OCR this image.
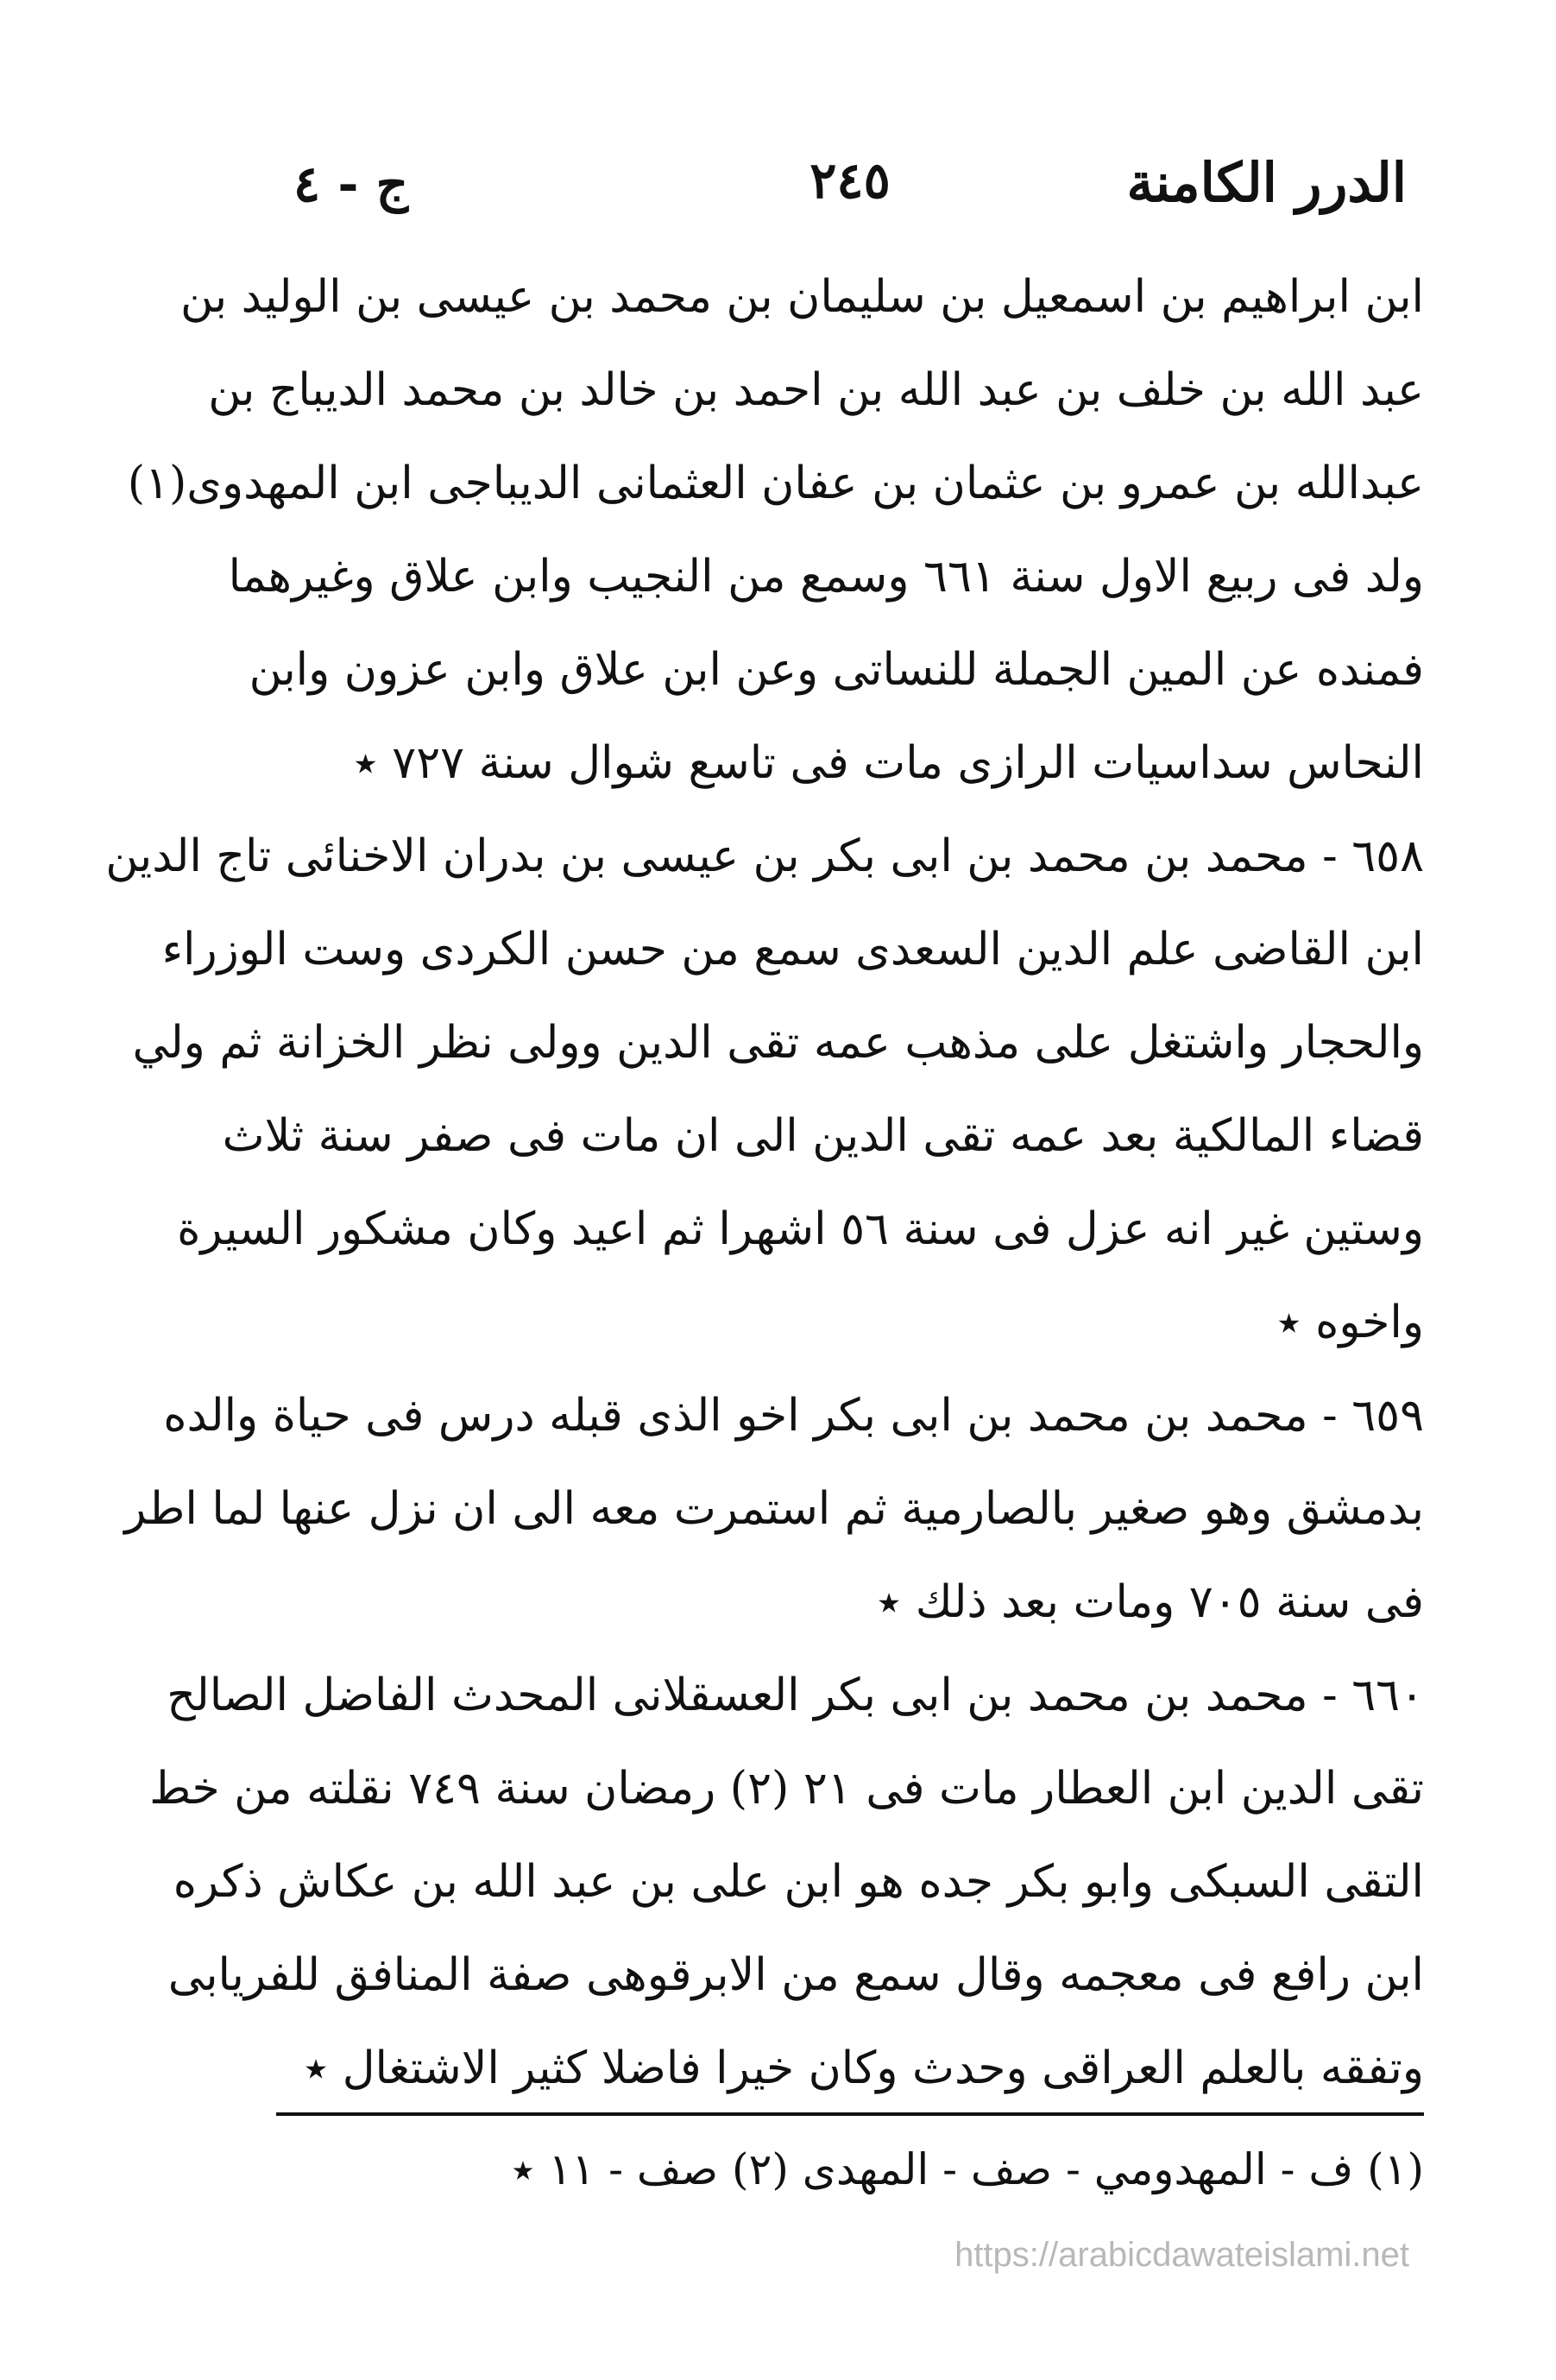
الدرر الكامنة
٢٤٥
ج - ٤
ابن ابراهيم بن اسمعيل بن سليمان بن محمد بن عيسى بن الوليد بن
عبد الله بن خلف بن عبد الله بن احمد بن خالد بن محمد الديباج بن
عبدالله بن عمرو بن عثمان بن عفان العثمانى الديباجى ابن المهدوى(١)
ولد فى ربيع الاول سنة ٦٦١ وسمع من النجيب وابن علاق وغيرهما
فمنده عن المين الجملة للنساتى وعن ابن علاق وابن عزون وابن
النحاس سداسيات الرازى مات فى تاسع شوال سنة ٧٢٧ ٭
٦٥٨ - محمد بن محمد بن ابى بكر بن عيسى بن بدران الاخنائى تاج الدين
ابن القاضى علم الدين السعدى سمع من حسن الكردى وست الوزراء
والحجار واشتغل على مذهب عمه تقى الدين وولى نظر الخزانة ثم ولي
قضاء المالكية بعد عمه تقى الدين الى ان مات فى صفر سنة ثلاث
وستين غير انه عزل فى سنة ٥٦ اشهرا ثم اعيد وكان مشكور السيرة
واخوه ٭
٦٥٩ - محمد بن محمد بن ابى بكر اخو الذى قبله درس فى حياة والده
بدمشق وهو صغير بالصارمية ثم استمرت معه الى ان نزل عنها لما اطر
فى سنة ٧٠٥ ومات بعد ذلك ٭
٦٦٠ - محمد بن محمد بن ابى بكر العسقلانى المحدث الفاضل الصالح
تقى الدين ابن العطار مات فى ٢١ (٢) رمضان سنة ٧٤٩ نقلته من خط
التقى السبكى وابو بكر جده هو ابن على بن عبد الله بن عكاش ذكره
ابن رافع فى معجمه وقال سمع من الابرقوهى صفة المنافق للفريابى
وتفقه بالعلم العراقى وحدث وكان خيرا فاضلا كثير الاشتغال ٭
(١) ف - المهدومي - صف - المهدى (٢) صف - ١١ ٭
https://arabicdawateislami.net
